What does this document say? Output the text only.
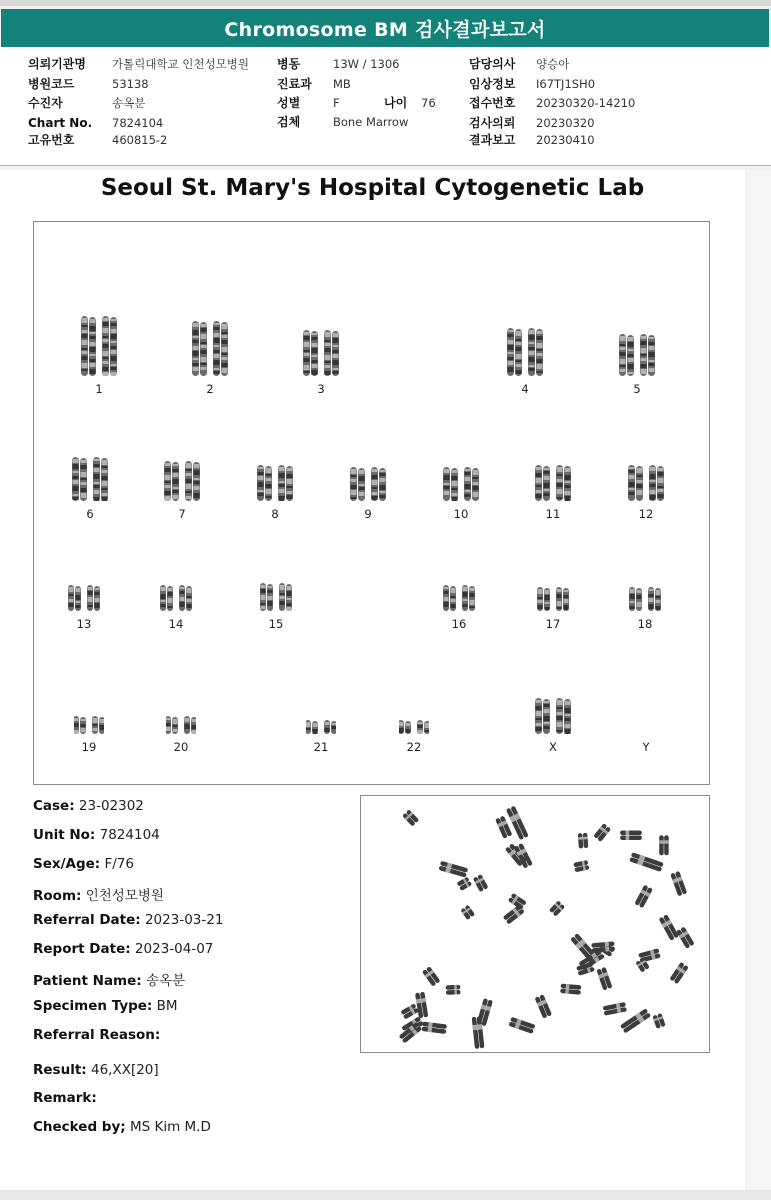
Chromosome BM 검사결과보고서
의뢰기관명 가톨릭대학교 인천성모병원
병원코드	53138
수진자	송옥분
Chart No. 7824104
고유번호	460815-2
병동	13W / 1306
진료과 MB
성별	F	나이 76
검체	Bone Marrow
담당의사 양승아
임상정보 I67TJ1SH0
접수번호 20230320-14210
검사의뢰 20230320
결과보고 20230410
Seoul St. Mary's Hospital Cytogenetic Lab
1	2	3	4	5
6	7	8	9	10	11	12
13	14	15	16	17	18
19	20	21	22	X	Y
Case: 23-02302
Unit No: 7824104
Sex/Age: F/76
Room: 인천성모병원
Referral Date: 2023-03-21
Report Date: 2023-04-07
Patient Name: 송옥분
Specimen Type: BM
Referral Reason:
Result: 46,XX[20]
Remark:
Checked by; MS Kim M.D
